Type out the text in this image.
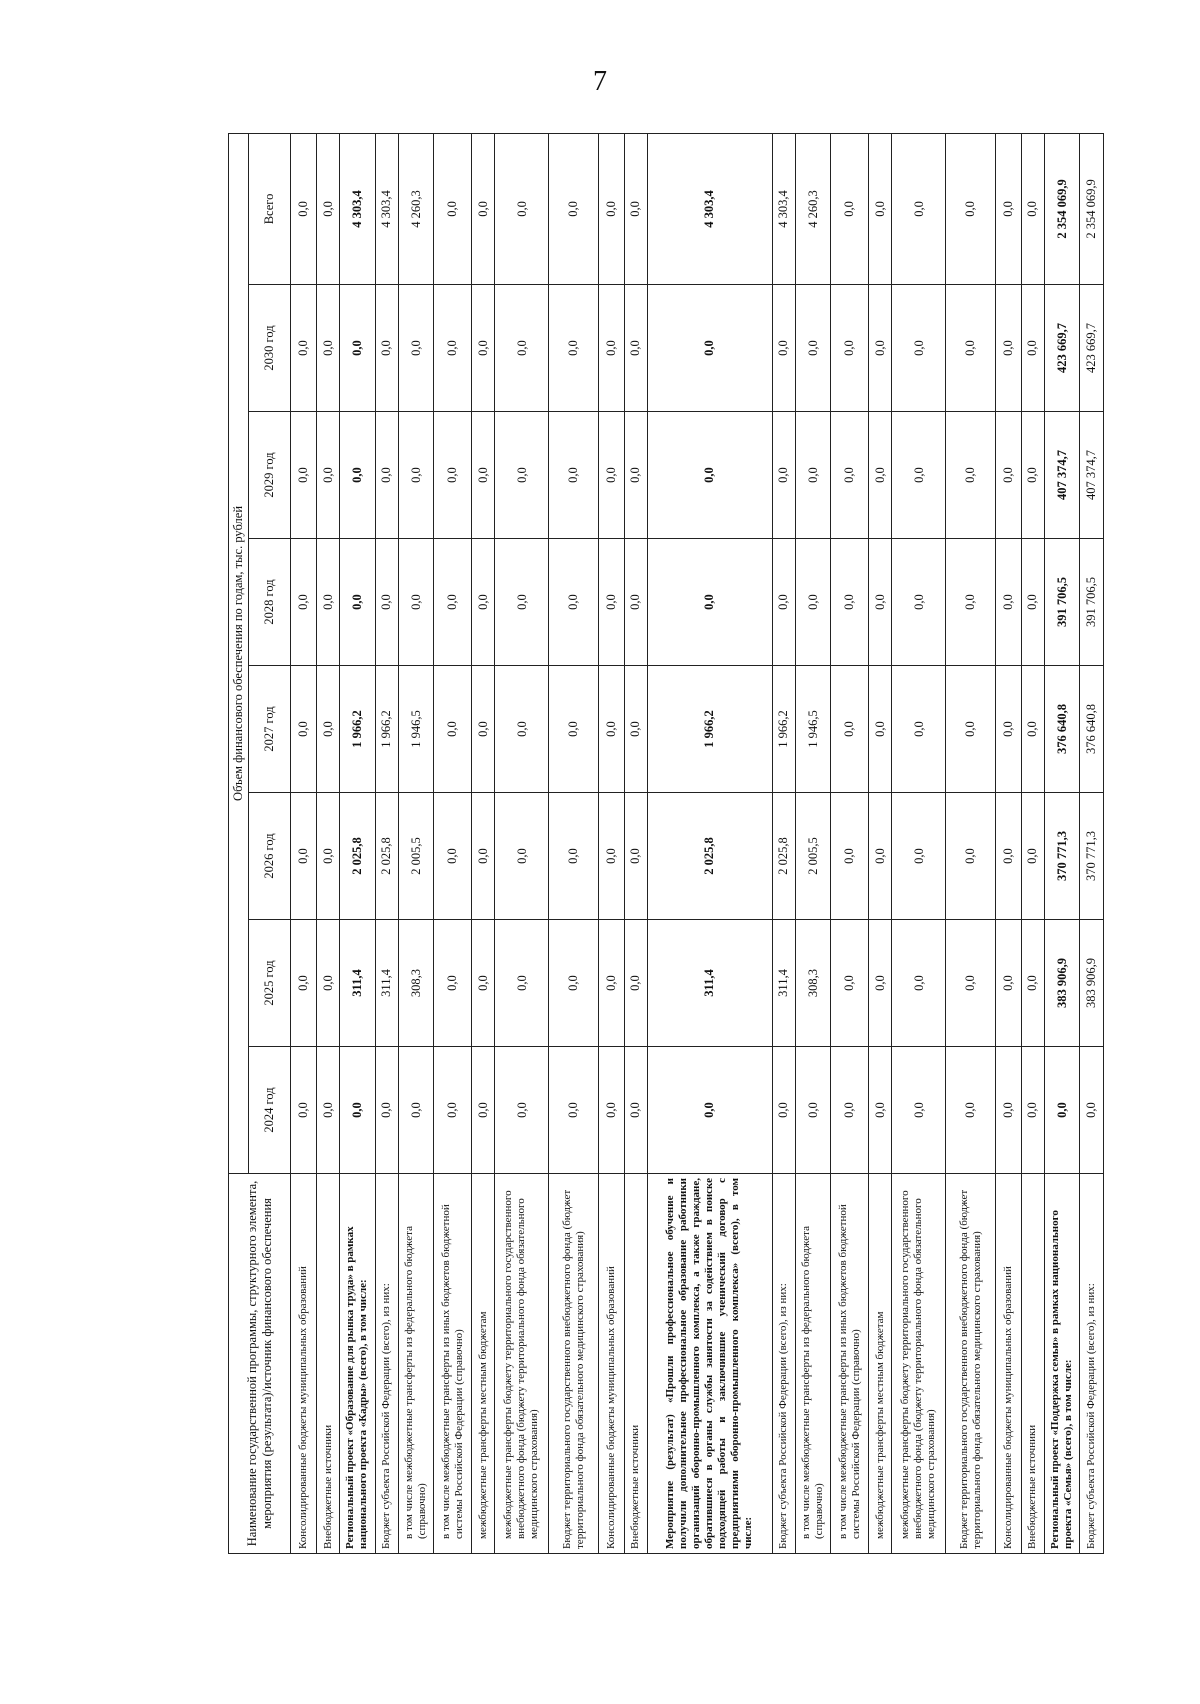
7
Наименование государственной программы, структурного элемента, мероприятия (результата)/источник финансового обеспечения	Объем финансового обеспечения по годам, тыс. рублей							
	2024 год	2025 год	2026 год	2027 год	2028 год	2029 год	2030 год	Всего
Консолидированные бюджеты муниципальных образований	0,0	0,0	0,0	0,0	0,0	0,0	0,0	0,0
Внебюджетные источники	0,0	0,0	0,0	0,0	0,0	0,0	0,0	0,0
Региональный проект «Образование для рынка труда» в рамках национального проекта «Кадры» (всего), в том числе:	0,0	311,4	2 025,8	1 966,2	0,0	0,0	0,0	4 303,4
Бюджет субъекта Российской Федерации (всего), из них:	0,0	311,4	2 025,8	1 966,2	0,0	0,0	0,0	4 303,4
в том числе межбюджетные трансферты из федерального бюджета (справочно)	0,0	308,3	2 005,5	1 946,5	0,0	0,0	0,0	4 260,3
в том числе межбюджетные трансферты из иных бюджетов бюджетной системы Российской Федерации (справочно)	0,0	0,0	0,0	0,0	0,0	0,0	0,0	0,0
межбюджетные трансферты местным бюджетам	0,0	0,0	0,0	0,0	0,0	0,0	0,0	0,0
межбюджетные трансферты бюджету территориального государственного внебюджетного фонда (бюджету территориального фонда обязательного медицинского страхования)	0,0	0,0	0,0	0,0	0,0	0,0	0,0	0,0
Бюджет территориального государственного внебюджетного фонда (бюджет территориального фонда обязательного медицинского страхования)	0,0	0,0	0,0	0,0	0,0	0,0	0,0	0,0
Консолидированные бюджеты муниципальных образований	0,0	0,0	0,0	0,0	0,0	0,0	0,0	0,0
Внебюджетные источники	0,0	0,0	0,0	0,0	0,0	0,0	0,0	0,0
Мероприятие (результат) «Прошли профессиональное обучение и получили дополнительное профессиональное образование работники организаций оборонно-промышленного комплекса, а также граждане, обратившиеся в органы службы занятости за содействием в поиске подходящей работы и заключившие ученический договор с предприятиями оборонно-промышленного комплекса» (всего), в том числе:	0,0	311,4	2 025,8	1 966,2	0,0	0,0	0,0	4 303,4
Бюджет субъекта Российской Федерации (всего), из них:	0,0	311,4	2 025,8	1 966,2	0,0	0,0	0,0	4 303,4
в том числе межбюджетные трансферты из федерального бюджета (справочно)	0,0	308,3	2 005,5	1 946,5	0,0	0,0	0,0	4 260,3
в том числе межбюджетные трансферты из иных бюджетов бюджетной системы Российской Федерации (справочно)	0,0	0,0	0,0	0,0	0,0	0,0	0,0	0,0
межбюджетные трансферты местным бюджетам	0,0	0,0	0,0	0,0	0,0	0,0	0,0	0,0
межбюджетные трансферты бюджету территориального государственного внебюджетного фонда (бюджету территориального фонда обязательного медицинского страхования)	0,0	0,0	0,0	0,0	0,0	0,0	0,0	0,0
Бюджет территориального государственного внебюджетного фонда (бюджет территориального фонда обязательного медицинского страхования)	0,0	0,0	0,0	0,0	0,0	0,0	0,0	0,0
Консолидированные бюджеты муниципальных образований	0,0	0,0	0,0	0,0	0,0	0,0	0,0	0,0
Внебюджетные источники	0,0	0,0	0,0	0,0	0,0	0,0	0,0	0,0
Региональный проект «Поддержка семьи» в рамках национального проекта «Семья» (всего), в том числе:	0,0	383 906,9	370 771,3	376 640,8	391 706,5	407 374,7	423 669,7	2 354 069,9
Бюджет субъекта Российской Федерации (всего), из них:	0,0	383 906,9	370 771,3	376 640,8	391 706,5	407 374,7	423 669,7	2 354 069,9
